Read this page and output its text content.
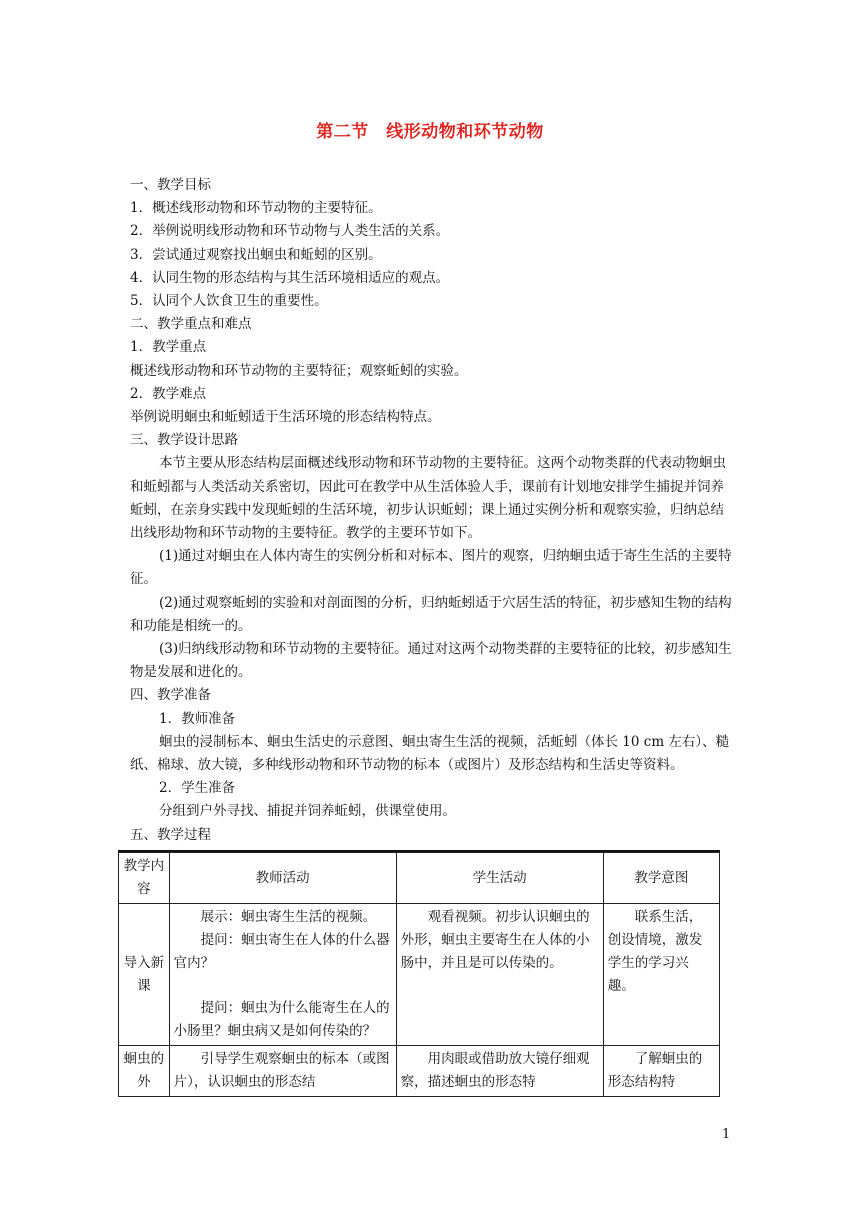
第二节　线形动物和环节动物

一、教学目标

1．概述线形动物和环节动物的主要特征。

2．举例说明线形动物和环节动物与人类生活的关系。

3．尝试通过观察找出蛔虫和蚯蚓的区别。

4．认同生物的形态结构与其生活环境相适应的观点。

5．认同个人饮食卫生的重要性。

二、教学重点和难点

1．教学重点

概述线形动物和环节动物的主要特征；观察蚯蚓的实验。

2．教学难点

举例说明蛔虫和蚯蚓适于生活环境的形态结构特点。

三、教学设计思路

本节主要从形态结构层面概述线形动物和环节动物的主要特征。这两个动物类群的代表动物蛔虫和蚯蚓都与人类活动关系密切，因此可在教学中从生活体验人手，课前有计划地安排学生捕捉并饲养蚯蚓，在亲身实践中发现蚯蚓的生活环境，初步认识蚯蚓；课上通过实例分析和观察实验，归纳总结出线形劫物和环节动物的主要特征。教学的主要环节如下。

(1)通过对蛔虫在人体内寄生的实例分析和对标本、图片的观察，归纳蛔虫适于寄生生活的主要特征。

(2)通过观察蚯蚓的实验和对剖面图的分析，归纳蚯蚓适于穴居生活的特征，初步感知生物的结构和功能是相统一的。

(3)归纳线形动物和环节动物的主要特征。通过对这两个动物类群的主要特征的比较，初步感知生物是发展和进化的。

四、教学准备

1．教师准备

蛔虫的浸制标本、蛔虫生活史的示意图、蛔虫寄生生活的视频，活蚯蚓（体长 10 cm 左右）、糙纸、棉球、放大镜，多种线形动物和环节动物的标本（或图片）及形态结构和生活史等资料。

2．学生准备

分组到户外寻找、捕捉并饲养蚯蚓，供课堂使用。

五、教学过程

教学内容	教师活动	学生活动	教学意图
导入新课	展示：蛔虫寄生生活的视频。

提问：蛔虫寄生在人体的什么器官内？

提问：蛔虫为什么能寄生在人的小肠里？蛔虫病又是如何传染的？	观看视频。初步认识蛔虫的外形，蛔虫主要寄生在人体的小肠中，并且是可以传染的。	联系生活，创设情境，激发学生的学习兴趣。

蛔虫的外	引导学生观察蛔虫的标本（或图片），认识蛔虫的形态结	用肉眼或借助放大镜仔细观察，描述蛔虫的形态特	了解蛔虫的形态结构特

1
